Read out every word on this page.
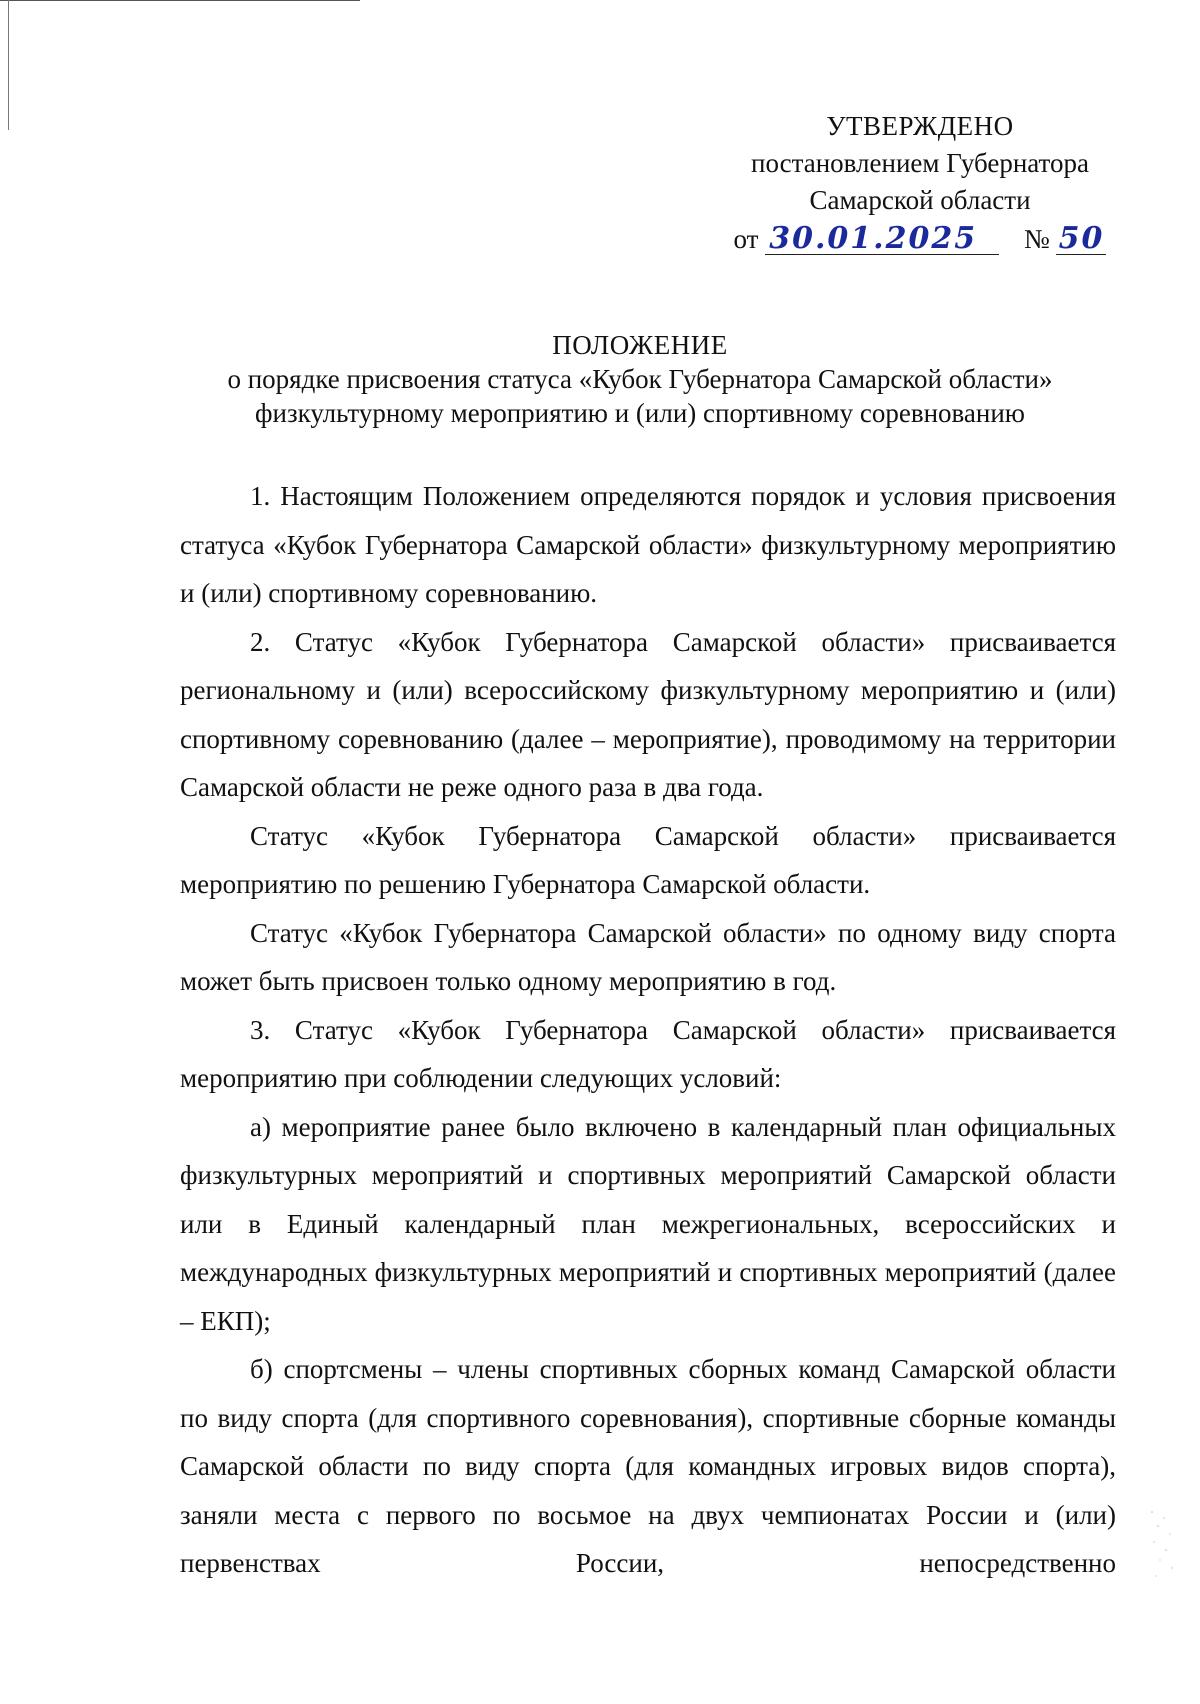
УТВЕРЖДЕНО
постановлением Губернатора
Самарской области
от 30.01.2025 № 50
ПОЛОЖЕНИЕ
о порядке присвоения статуса «Кубок Губернатора Самарской области»
физкультурному мероприятию и (или) спортивному соревнованию

1. Настоящим Положением определяются порядок и условия присвоения статуса «Кубок Губернатора Самарской области» физкультурному мероприятию и (или) спортивному соревнованию.

2. Статус «Кубок Губернатора Самарской области» присваивается региональному и (или) всероссийскому физкультурному мероприятию и (или) спортивному соревнованию (далее – мероприятие), проводимому на территории Самарской области не реже одного раза в два года.

Статус «Кубок Губернатора Самарской области» присваивается мероприятию по решению Губернатора Самарской области.

Статус «Кубок Губернатора Самарской области» по одному виду спорта может быть присвоен только одному мероприятию в год.

3. Статус «Кубок Губернатора Самарской области» присваивается мероприятию при соблюдении следующих условий:

а) мероприятие ранее было включено в календарный план официальных физкультурных мероприятий и спортивных мероприятий Самарской области или в Единый календарный план межрегиональных, всероссийских и международных физкультурных мероприятий и спортивных мероприятий (далее – ЕКП);

б) спортсмены – члены спортивных сборных команд Самарской области по виду спорта (для спортивного соревнования), спортивные сборные команды Самарской области по виду спорта (для командных игровых видов спорта), заняли места с первого по восьмое на двух чемпионатах России и (или) первенствах России, непосредственно
